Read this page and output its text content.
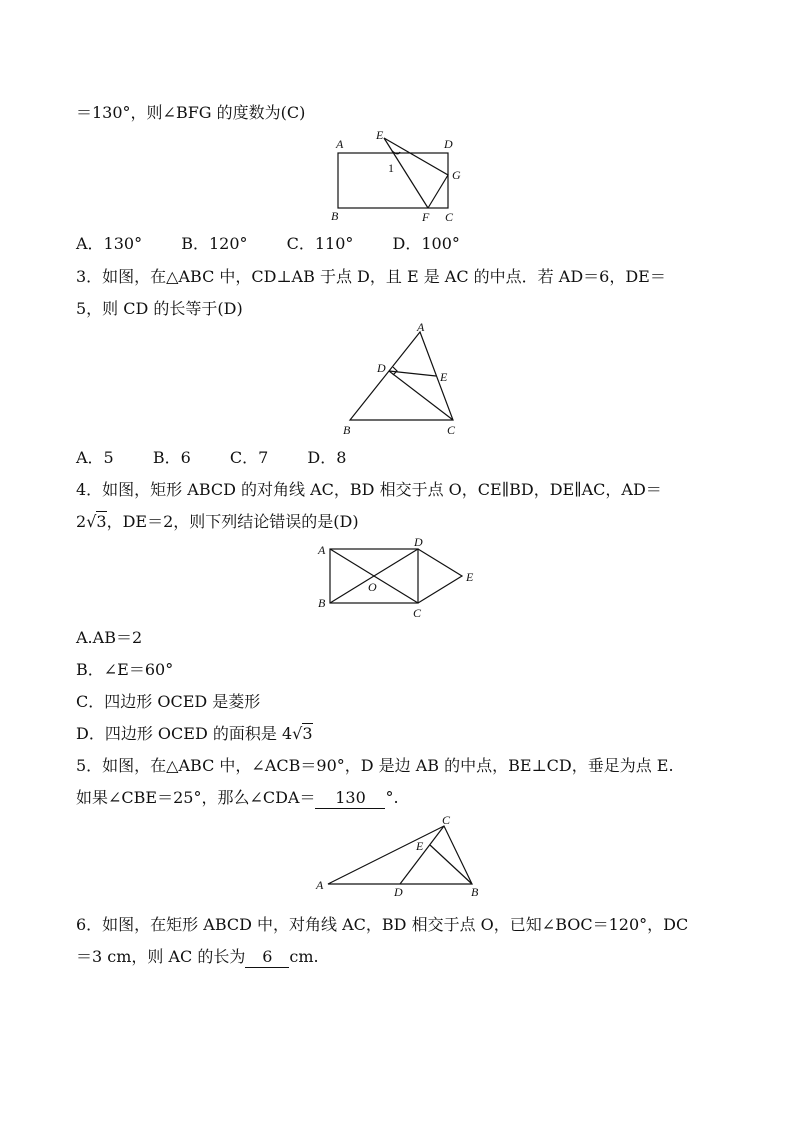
＝130°，则∠BFG 的度数为(C)
A	D
E
G
B	F C
1
A．130° B．120° C．110° D．100°
3．如图，在△ABC 中，CD⊥AB 于点 D，且 E 是 AC 的中点．若 AD＝6，DE＝
5，则 CD 的长等于(D)
A
D
E
B	C
A．5 B．6 C．7 D．8
4．如图，矩形 ABCD 的对角线 AC，BD 相交于点 O，CE∥BD，DE∥AC，AD＝
2√3，DE＝2，则下列结论错误的是(D)
A
D
O
E
B
C
A.AB＝2
B．∠E＝60°
C．四边形 OCED 是菱形
D．四边形 OCED 的面积是 4√3
5．如图，在△ABC 中，∠ACB＝90°，D 是边 AB 的中点，BE⊥CD，垂足为点 E.
如果∠CBE＝25°，那么∠CDA＝ 130 °.
C
E
A	D	B
6．如图，在矩形 ABCD 中，对角线 AC，BD 相交于点 O，已知∠BOC＝120°，DC
＝3 cm，则 AC 的长为 6 cm.
